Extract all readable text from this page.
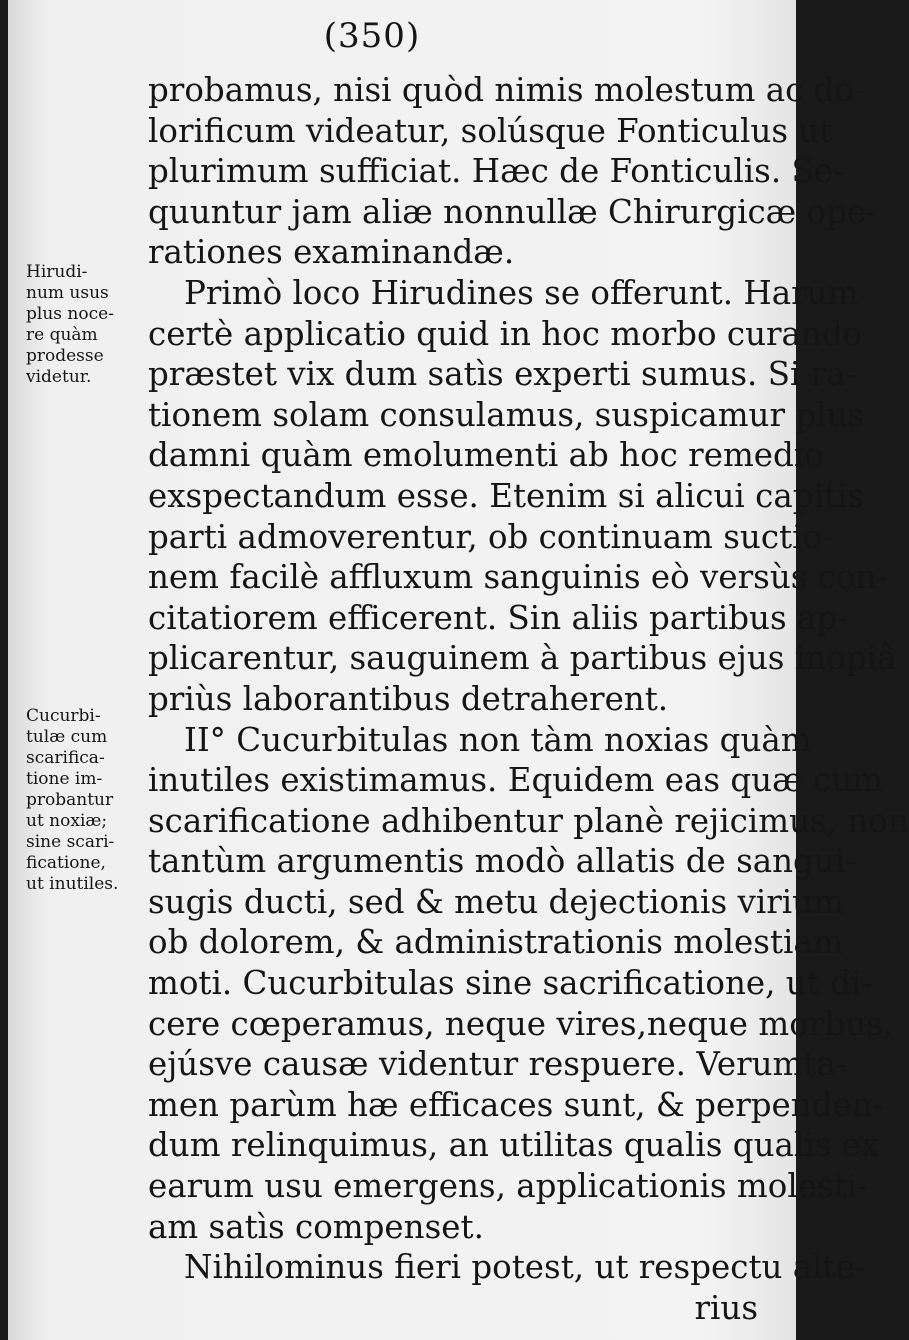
(350)
Hirudi-
num usus
plus noce-
re quàm
prodesse
videtur.
Cucurbi-
tulæ cum
scarifica-
tione im-
probantur
ut noxiæ;
sine scari-
ficatione,
ut inutiles.
probamus, nisi quòd nimis molestum ac do-
lorificum videatur, solúsque Fonticulus ut
plurimum sufficiat. Hæc de Fonticulis. Se-
quuntur jam aliæ nonnullæ Chirurgicæ ope-
rationes examinandæ.
Primò loco Hirudines se offerunt. Harum
certè applicatio quid in hoc morbo curando
præstet vix dum satìs experti sumus. Si ra-
tionem solam consulamus, suspicamur plus
damni quàm emolumenti ab hoc remedio
exspectandum esse. Etenim si alicui capitis
parti admoverentur, ob continuam suctio-
nem facilè affluxum sanguinis eò versùs con-
citatiorem efficerent. Sin aliis partibus ap-
plicarentur, sauguinem à partibus ejus inopiâ
priùs laborantibus detraherent.
II° Cucurbitulas non tàm noxias quàm
inutiles existimamus. Equidem eas quæ cum
scarificatione adhibentur planè rejicimus, non
tantùm argumentis modò allatis de sangui-
sugis ducti, sed & metu dejectionis virium
ob dolorem, & administrationis molestiam
moti. Cucurbitulas sine sacrificatione, ut di-
cere cœperamus, neque vires,neque morbus,
ejúsve causæ videntur respuere. Verumta-
men parùm hæ efficaces sunt, & perpenden-
dum relinquimus, an utilitas qualis qualis ex
earum usu emergens, applicationis molesti-
am satìs compenset.
Nihilominus fieri potest, ut respectu alte-
rius
